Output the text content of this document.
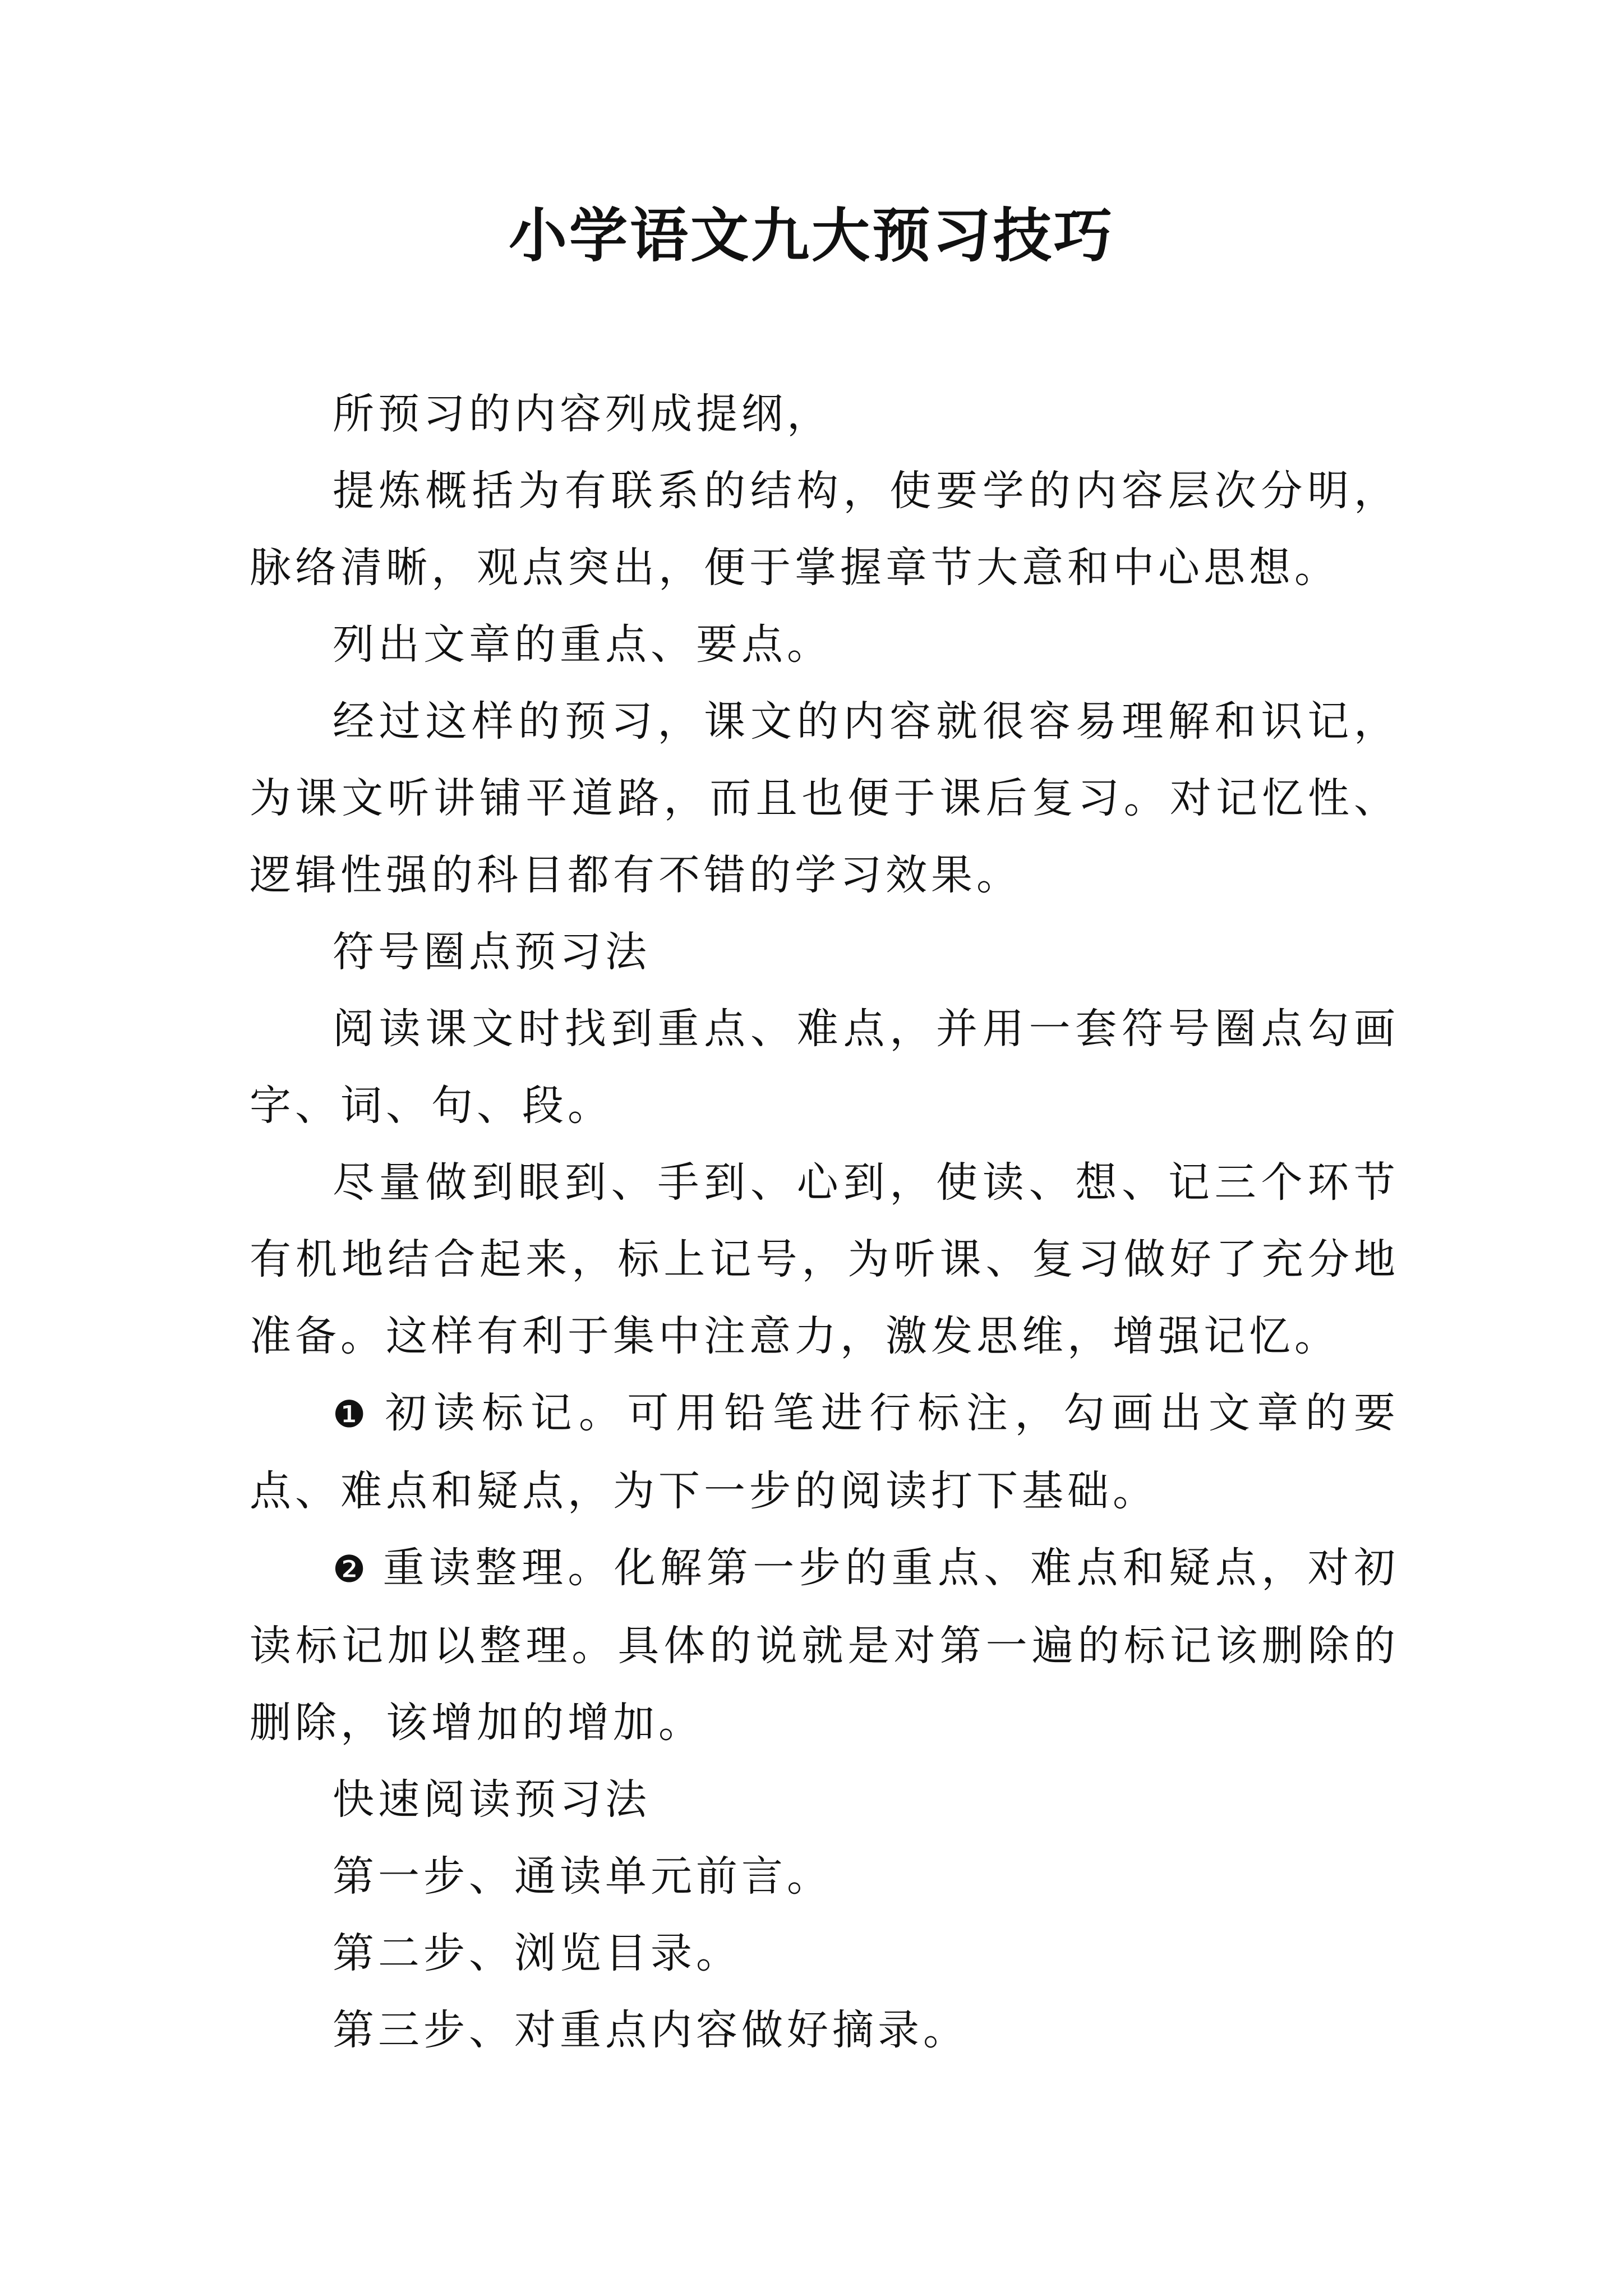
小学语文九大预习技巧

所预习的内容列成提纲，

提炼概括为有联系的结构，使要学的内容层次分明，脉络清晰，观点突出，便于掌握章节大意和中心思想。

列出文章的重点、要点。

经过这样的预习，课文的内容就很容易理解和识记，为课文听讲铺平道路，而且也便于课后复习。对记忆性、逻辑性强的科目都有不错的学习效果。

符号圈点预习法

阅读课文时找到重点、难点，并用一套符号圈点勾画字、词、句、段。

尽量做到眼到、手到、心到，使读、想、记三个环节有机地结合起来，标上记号，为听课、复习做好了充分地准备。这样有利于集中注意力，激发思维，增强记忆。

❶ 初读标记。可用铅笔进行标注，勾画出文章的要点、难点和疑点，为下一步的阅读打下基础。

❷ 重读整理。化解第一步的重点、难点和疑点，对初读标记加以整理。具体的说就是对第一遍的标记该删除的删除，该增加的增加。

快速阅读预习法

第一步、通读单元前言。

第二步、浏览目录。

第三步、对重点内容做好摘录。
